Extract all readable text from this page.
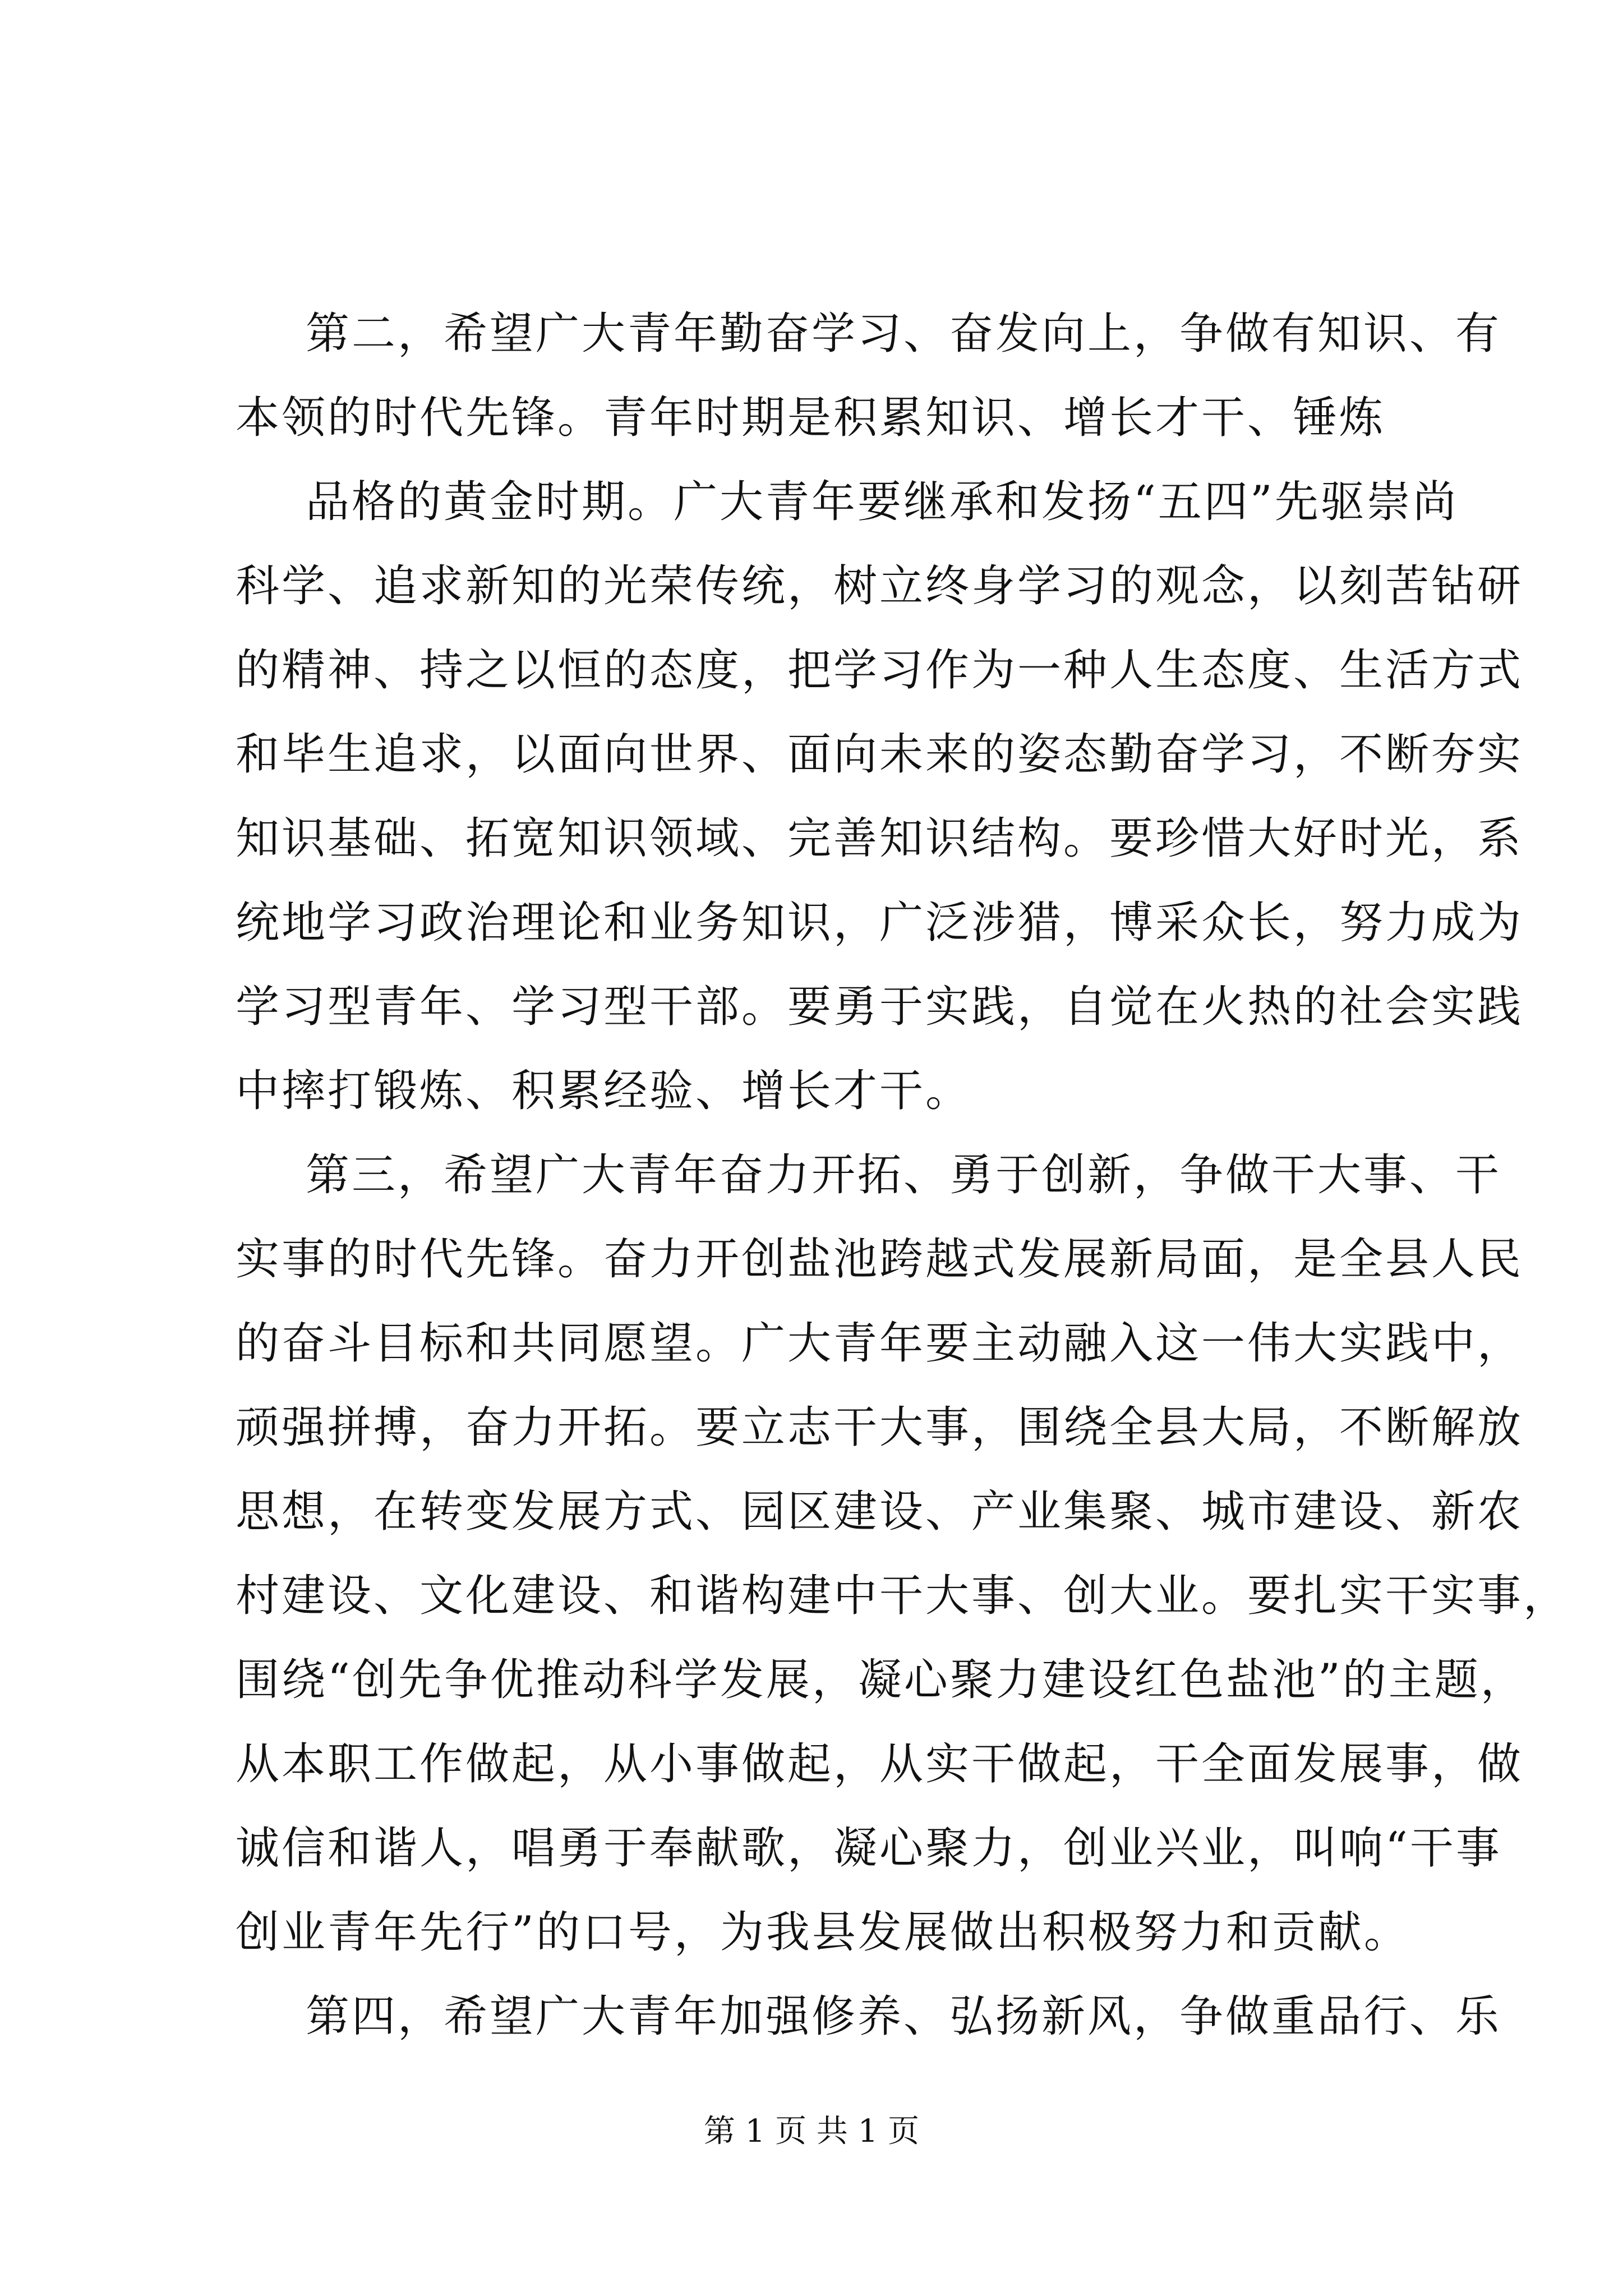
第二，希望广大青年勤奋学习、奋发向上，争做有知识、有
本领的时代先锋。青年时期是积累知识、增长才干、锤炼
品格的黄金时期。广大青年要继承和发扬“五四”先驱崇尚
科学、追求新知的光荣传统，树立终身学习的观念，以刻苦钻研
的精神、持之以恒的态度，把学习作为一种人生态度、生活方式
和毕生追求，以面向世界、面向未来的姿态勤奋学习，不断夯实
知识基础、拓宽知识领域、完善知识结构。要珍惜大好时光，系
统地学习政治理论和业务知识，广泛涉猎，博采众长，努力成为
学习型青年、学习型干部。要勇于实践，自觉在火热的社会实践
中摔打锻炼、积累经验、增长才干。
第三，希望广大青年奋力开拓、勇于创新，争做干大事、干
实事的时代先锋。奋力开创盐池跨越式发展新局面，是全县人民
的奋斗目标和共同愿望。广大青年要主动融入这一伟大实践中，
顽强拼搏，奋力开拓。要立志干大事，围绕全县大局，不断解放
思想，在转变发展方式、园区建设、产业集聚、城市建设、新农
村建设、文化建设、和谐构建中干大事、创大业。要扎实干实事，
围绕“创先争优推动科学发展，凝心聚力建设红色盐池”的主题，
从本职工作做起，从小事做起，从实干做起，干全面发展事，做
诚信和谐人，唱勇于奉献歌，凝心聚力，创业兴业，叫响“干事
创业青年先行”的口号，为我县发展做出积极努力和贡献。
第四，希望广大青年加强修养、弘扬新风，争做重品行、乐
第 1 页 共 1 页
